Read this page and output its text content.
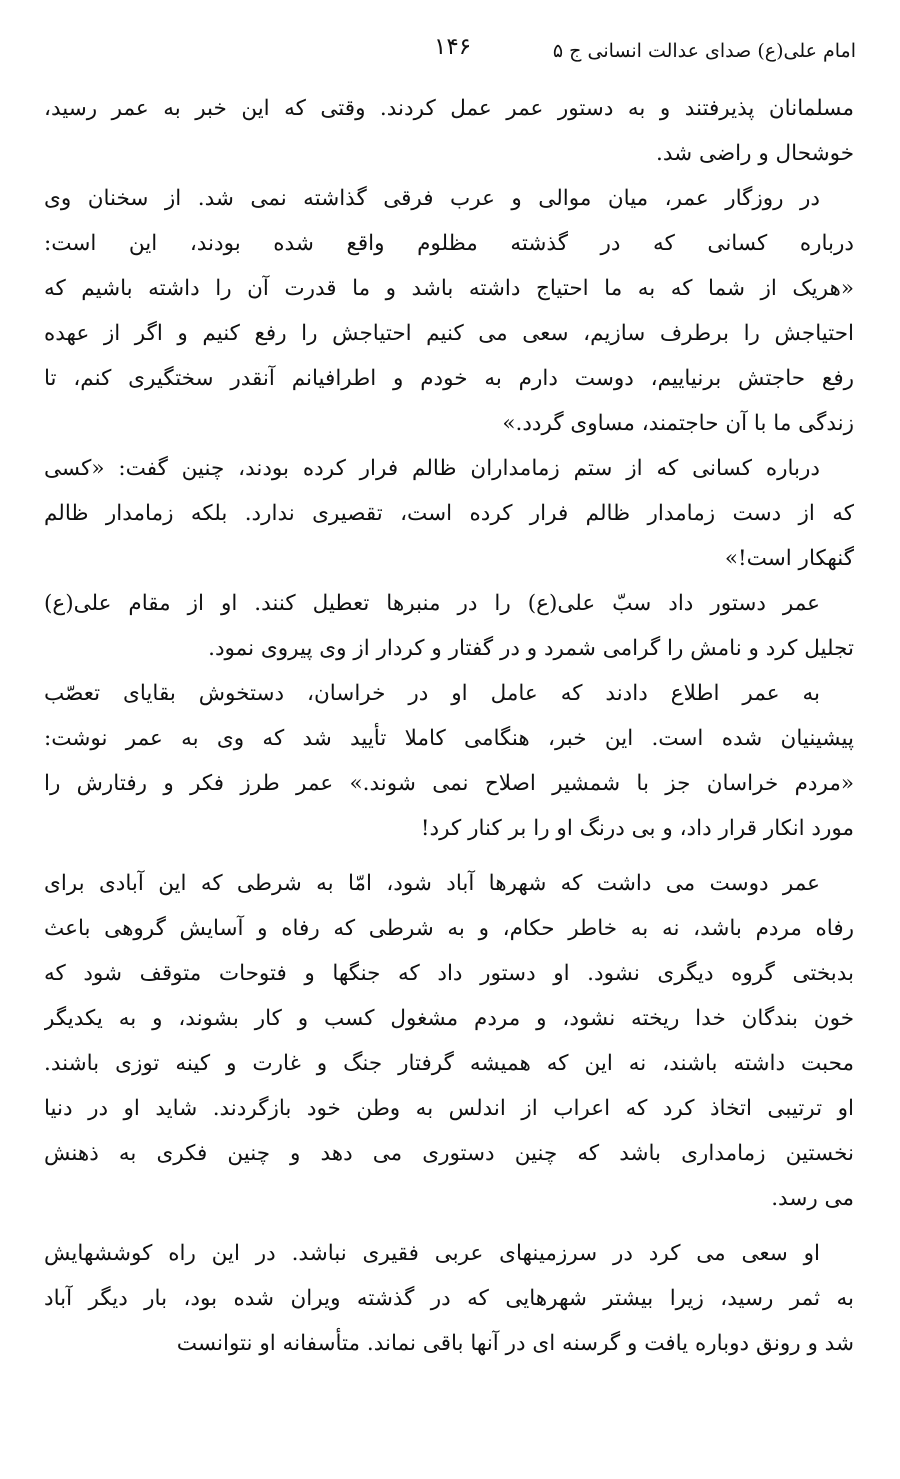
امام علی(ع) صدای عدالت انسانی ج ۵
۱۴۶
مسلمانان پذیرفتند و به دستور عمر عمل کردند. وقتی که این خبر به عمر رسید،
خوشحال و راضی شد.
در روزگار عمر، میان موالی و عرب فرقی گذاشته نمی شد. از سخنان وی
درباره کسانی که در گذشته مظلوم واقع شده بودند، این است:
«هریک از شما که به ما احتیاج داشته باشد و ما قدرت آن را داشته باشیم که
احتیاجش را برطرف سازیم، سعی می کنیم احتیاجش را رفع کنیم و اگر از عهده
رفع حاجتش برنیاییم، دوست دارم به خودم و اطرافیانم آنقدر سختگیری کنم، تا
زندگی ما با آن حاجتمند، مساوی گردد.»
درباره کسانی که از ستم زمامداران ظالم فرار کرده بودند، چنین گفت: «کسی
که از دست زمامدار ظالم فرار کرده است، تقصیری ندارد. بلکه زمامدار ظالم
گنهکار است!»
عمر دستور داد سبّ علی(ع) را در منبرها تعطیل کنند. او از مقام علی(ع)
تجلیل کرد و نامش را گرامی شمرد و در گفتار و کردار از وی پیروی نمود.
به عمر اطلاع دادند که عامل او در خراسان، دستخوش بقایای تعصّب
پیشینیان شده است. این خبر، هنگامی کاملا تأیید شد که وی به عمر نوشت:
«مردم خراسان جز با شمشیر اصلاح نمی شوند.» عمر طرز فکر و رفتارش را
مورد انکار قرار داد، و بی درنگ او را بر کنار کرد!
عمر دوست می داشت که شهرها آباد شود، امّا به شرطی که این آبادی برای
رفاه مردم باشد، نه به خاطر حکام، و به شرطی که رفاه و آسایش گروهی باعث
بدبختی گروه دیگری نشود. او دستور داد که جنگها و فتوحات متوقف شود که
خون بندگان خدا ریخته نشود، و مردم مشغول کسب و کار بشوند، و به یکدیگر
محبت داشته باشند، نه این که همیشه گرفتار جنگ و غارت و کینه توزی باشند.
او ترتیبی اتخاذ کرد که اعراب از اندلس به وطن خود بازگردند. شاید او در دنیا
نخستین زمامداری باشد که چنین دستوری می دهد و چنین فکری به ذهنش
می رسد.
او سعی می کرد در سرزمینهای عربی فقیری نباشد. در این راه کوششهایش
به ثمر رسید، زیرا بیشتر شهرهایی که در گذشته ویران شده بود، بار دیگر آباد
شد و رونق دوباره یافت و گرسنه ای در آنها باقی نماند. متأسفانه او نتوانست
